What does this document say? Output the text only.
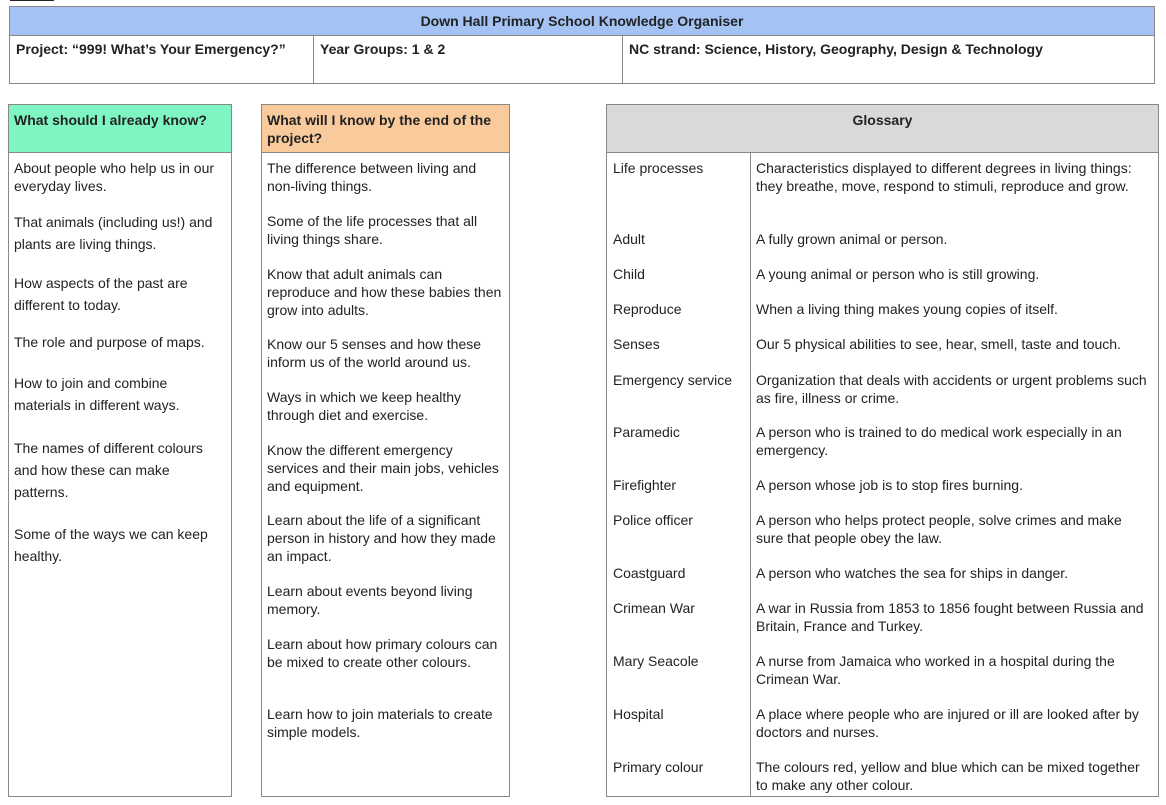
Down Hall Primary School Knowledge Organiser
Project: “999! What’s Your Emergency?”	Year Groups: 1 & 2	NC strand: Science, History, Geography, Design & Technology
What should I already know?
About people who help us in our everyday lives.
That animals (including us!) and plants are living things.
How aspects of the past are different to today.
The role and purpose of maps.
How to join and combine materials in different ways.
The names of different colours and how these can make patterns.
Some of the ways we can keep healthy.
What will I know by the end of the project?
The difference between living and non-living things.
Some of the life processes that all living things share.
Know that adult animals can reproduce and how these babies then grow into adults.
Know our 5 senses and how these inform us of the world around us.
Ways in which we keep healthy through diet and exercise.
Know the different emergency services and their main jobs, vehicles and equipment.
Learn about the life of a significant person in history and how they made an impact.
Learn about events beyond living memory.
Learn about how primary colours can be mixed to create other colours.
Learn how to join materials to create simple models.
Glossary
Life processes	Characteristics displayed to different degrees in living things: they breathe, move, respond to stimuli, reproduce and grow.
Adult	A fully grown animal or person.
Child	A young animal or person who is still growing.
Reproduce	When a living thing makes young copies of itself.
Senses	Our 5 physical abilities to see, hear, smell, taste and touch.
Emergency service	Organization that deals with accidents or urgent problems such as fire, illness or crime.
Paramedic	A person who is trained to do medical work especially in an emergency.
Firefighter	A person whose job is to stop fires burning.
Police officer	A person who helps protect people, solve crimes and make sure that people obey the law.
Coastguard	A person who watches the sea for ships in danger.
Crimean War	A war in Russia from 1853 to 1856 fought between Russia and Britain, France and Turkey.
Mary Seacole	A nurse from Jamaica who worked in a hospital during the Crimean War.
Hospital	A place where people who are injured or ill are looked after by doctors and nurses.
Primary colour	The colours red, yellow and blue which can be mixed together to make any other colour.
